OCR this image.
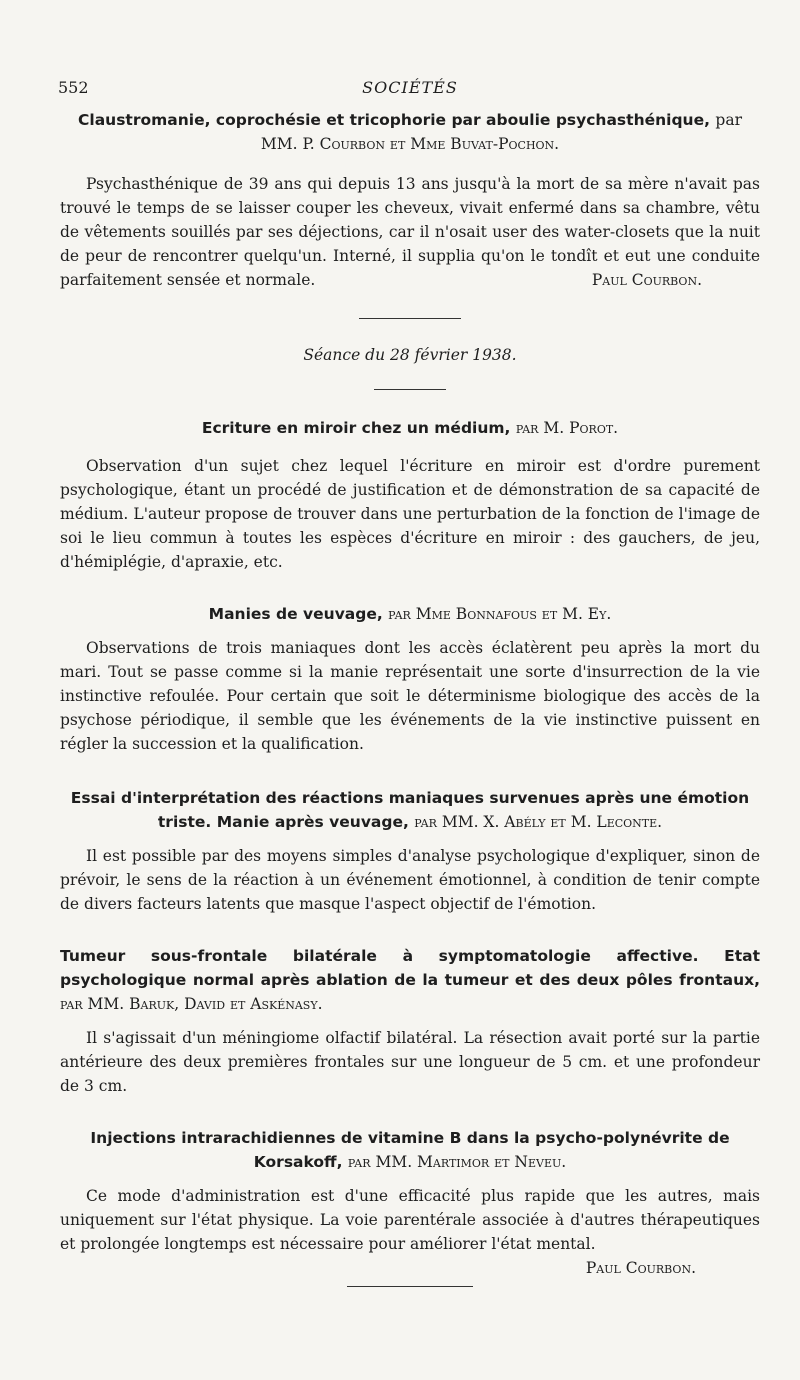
552	SOCIÉTÉS

Claustromanie, coprochésie et tricophorie par aboulie psychasthénique, par

MM. P. Courbon et Mme Buvat-Pochon.

Psychasthénique de 39 ans qui depuis 13 ans jusqu'à la mort de sa mère n'avait pas trouvé le temps de se laisser couper les cheveux, vivait enfermé dans sa chambre, vêtu de vêtements souillés par ses déjections, car il n'osait user des water-closets que la nuit de peur de rencontrer quelqu'un. Interné, il supplia qu'on le tondît et eut une conduite parfaitement sensée et normale.	Paul Courbon.

Séance du 28 février 1938.

Ecriture en miroir chez un médium, par M. Porot.

Observation d'un sujet chez lequel l'écriture en miroir est d'ordre purement psychologique, étant un procédé de justification et de démonstration de sa capacité de médium. L'auteur propose de trouver dans une perturbation de la fonction de l'image de soi le lieu commun à toutes les espèces d'écriture en miroir : des gauchers, de jeu, d'hémiplégie, d'apraxie, etc.

Manies de veuvage, par Mme Bonnafous et M. Ey.

Observations de trois maniaques dont les accès éclatèrent peu après la mort du mari. Tout se passe comme si la manie représentait une sorte d'insurrection de la vie instinctive refoulée. Pour certain que soit le déterminisme biologique des accès de la psychose périodique, il semble que les événements de la vie instinctive puissent en régler la succession et la qualification.

Essai d'interprétation des réactions maniaques survenues après une émotion triste. Manie après veuvage, par MM. X. Abély et M. Leconte.

Il est possible par des moyens simples d'analyse psychologique d'expliquer, sinon de prévoir, le sens de la réaction à un événement émotionnel, à condition de tenir compte de divers facteurs latents que masque l'aspect objectif de l'émotion.

Tumeur sous-frontale bilatérale à symptomatologie affective. Etat psychologique normal après ablation de la tumeur et des deux pôles frontaux, par MM. Baruk, David et Askénasy.

Il s'agissait d'un méningiome olfactif bilatéral. La résection avait porté sur la partie antérieure des deux premières frontales sur une longueur de 5 cm. et une profondeur de 3 cm.

Injections intrarachidiennes de vitamine B dans la psycho-polynévrite de Korsakoff, par MM. Martimor et Neveu.

Ce mode d'administration est d'une efficacité plus rapide que les autres, mais uniquement sur l'état physique. La voie parentérale associée à d'autres thérapeutiques et prolongée longtemps est nécessaire pour améliorer l'état mental.

Paul Courbon.
